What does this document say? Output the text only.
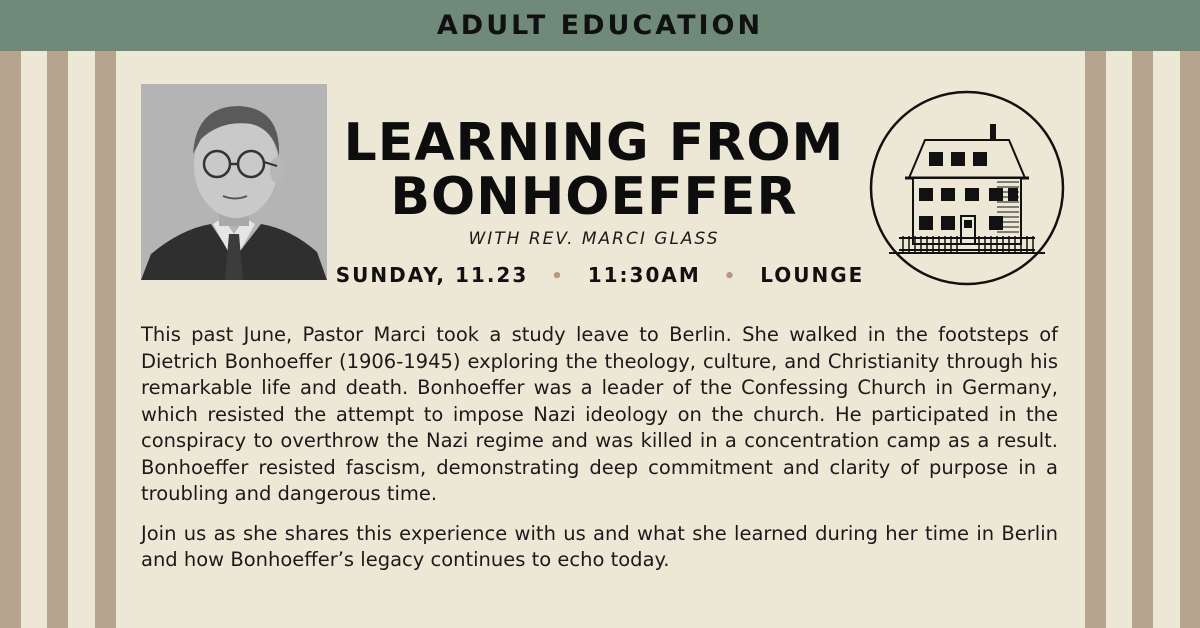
ADULT EDUCATION
LEARNING FROM BONHOEFFER
WITH REV. MARCI GLASS
SUNDAY, 11.23 • 11:30AM • LOUNGE

This past June, Pastor Marci took a study leave to Berlin. She walked in the footsteps of Dietrich Bonhoeffer (1906-1945) exploring the theology, culture, and Christianity through his remarkable life and death. Bonhoeffer was a leader of the Confessing Church in Germany, which resisted the attempt to impose Nazi ideology on the church. He participated in the conspiracy to overthrow the Nazi regime and was killed in a concentration camp as a result. Bonhoeffer resisted fascism, demonstrating deep commitment and clarity of purpose in a troubling and dangerous time.

Join us as she shares this experience with us and what she learned during her time in Berlin and how Bonhoeffer’s legacy continues to echo today.
